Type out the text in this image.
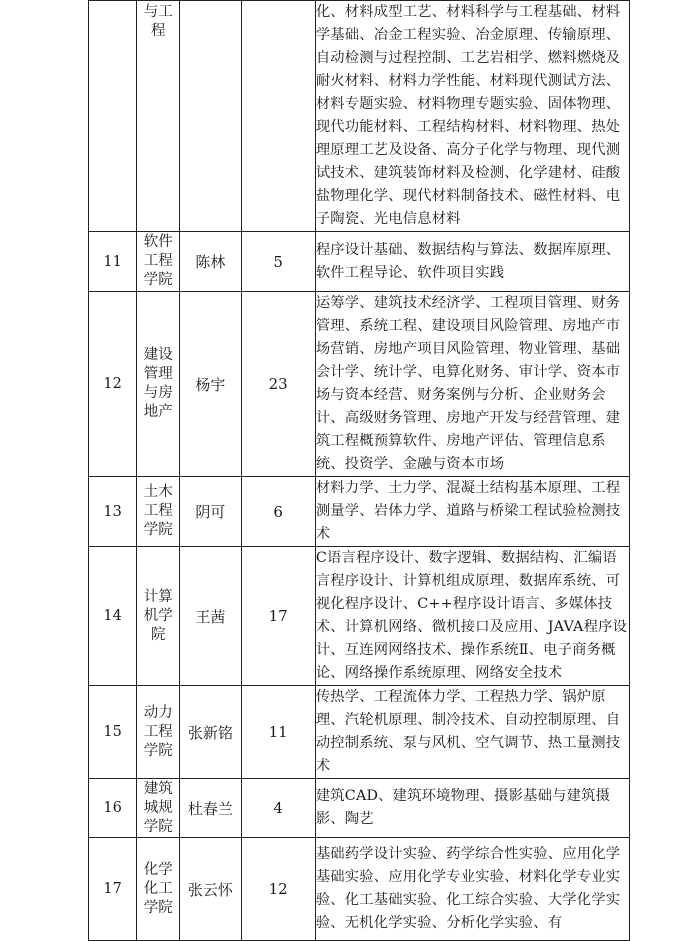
	与工程			化、材料成型工艺、材料科学与工程基础、材料学基础、冶金工程实验、冶金原理、传输原理、自动检测与过程控制、工艺岩相学、燃料燃烧及耐火材料、材料力学性能、材料现代测试方法、材料专题实验、材料物理专题实验、固体物理、现代功能材料、工程结构材料、材料物理、热处理原理工艺及设备、高分子化学与物理、现代测试技术、建筑装饰材料及检测、化学建材、硅酸盐物理化学、现代材料制备技术、磁性材料、电子陶瓷、光电信息材料
11	软件工程学院	陈林	5	程序设计基础、数据结构与算法、数据库原理、软件工程导论、软件项目实践
12	建设管理与房地产	杨宇	23	运筹学、建筑技术经济学、工程项目管理、财务管理、系统工程、建设项目风险管理、房地产市场营销、房地产项目风险管理、物业管理、基础会计学、统计学、电算化财务、审计学、资本市场与资本经营、财务案例与分析、企业财务会计、高级财务管理、房地产开发与经营管理、建筑工程概预算软件、房地产评估、管理信息系统、投资学、金融与资本市场
13	土木工程学院	阴可	6	材料力学、土力学、混凝土结构基本原理、工程测量学、岩体力学、道路与桥梁工程试验检测技术
14	计算机学院	王茜	17	C语言程序设计、数字逻辑、数据结构、汇编语言程序设计、计算机组成原理、数据库系统、可视化程序设计、C++程序设计语言、多媒体技术、计算机网络、微机接口及应用、JAVA程序设计、互连网网络技术、操作系统Ⅱ、电子商务概论、网络操作系统原理、网络安全技术
15	动力工程学院	张新铭	11	传热学、工程流体力学、工程热力学、锅炉原理、汽轮机原理、制冷技术、自动控制原理、自动控制系统、泵与风机、空气调节、热工量测技术
16	建筑城规学院	杜春兰	4	建筑CAD、建筑环境物理、摄影基础与建筑摄影、陶艺
17	化学化工学院	张云怀	12	基础药学设计实验、药学综合性实验、应用化学基础实验、应用化学专业实验、材料化学专业实验、化工基础实验、化工综合实验、大学化学实验、无机化学实验、分析化学实验、有
